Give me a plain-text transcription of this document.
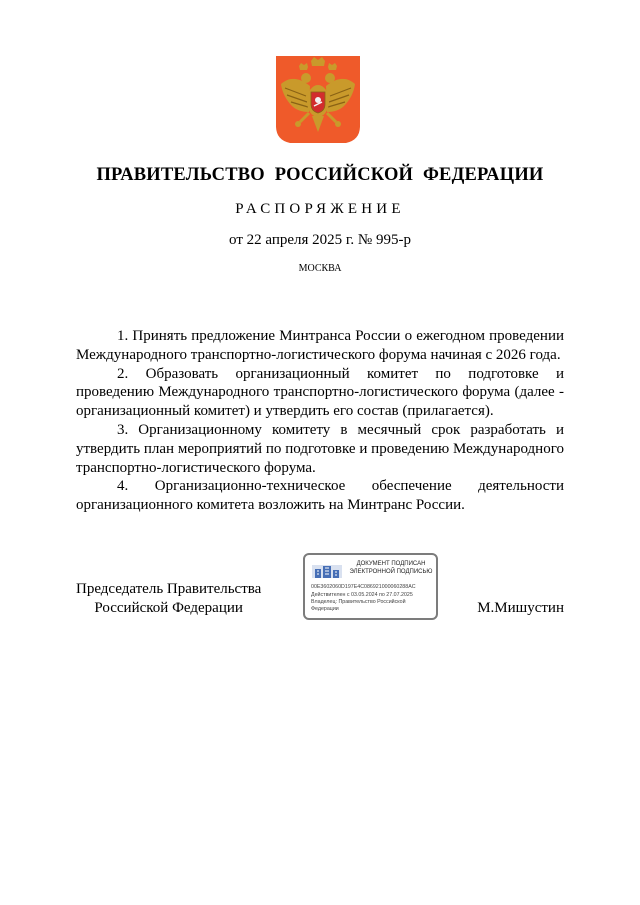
ПРАВИТЕЛЬСТВО РОССИЙСКОЙ ФЕДЕРАЦИИ
РАСПОРЯЖЕНИЕ
от 22 апреля 2025 г. № 995-р
МОСКВА

1. Принять предложение Минтранса России о ежегодном проведении Международного транспортно-логистического форума начиная с 2026 года.

2. Образовать организационный комитет по подготовке и проведению Международного транспортно-логистического форума (далее - организационный комитет) и утвердить его состав (прилагается).

3. Организационному комитету в месячный срок разработать и утвердить план мероприятий по подготовке и проведению Международного транспортно-логистического форума.

4. Организационно-техническое обеспечение деятельности организационного комитета возложить на Минтранс России.

Председатель Правительства
Российской Федерации
ДОКУМЕНТ ПОДПИСАН
ЭЛЕКТРОННОЙ ПОДПИСЬЮ
00E3602060D197E4C086921000060288AC
Действителен с 03.05.2024 по 27.07.2025
Владелец: Правительство Российской
Федерации	М.Мишустин
